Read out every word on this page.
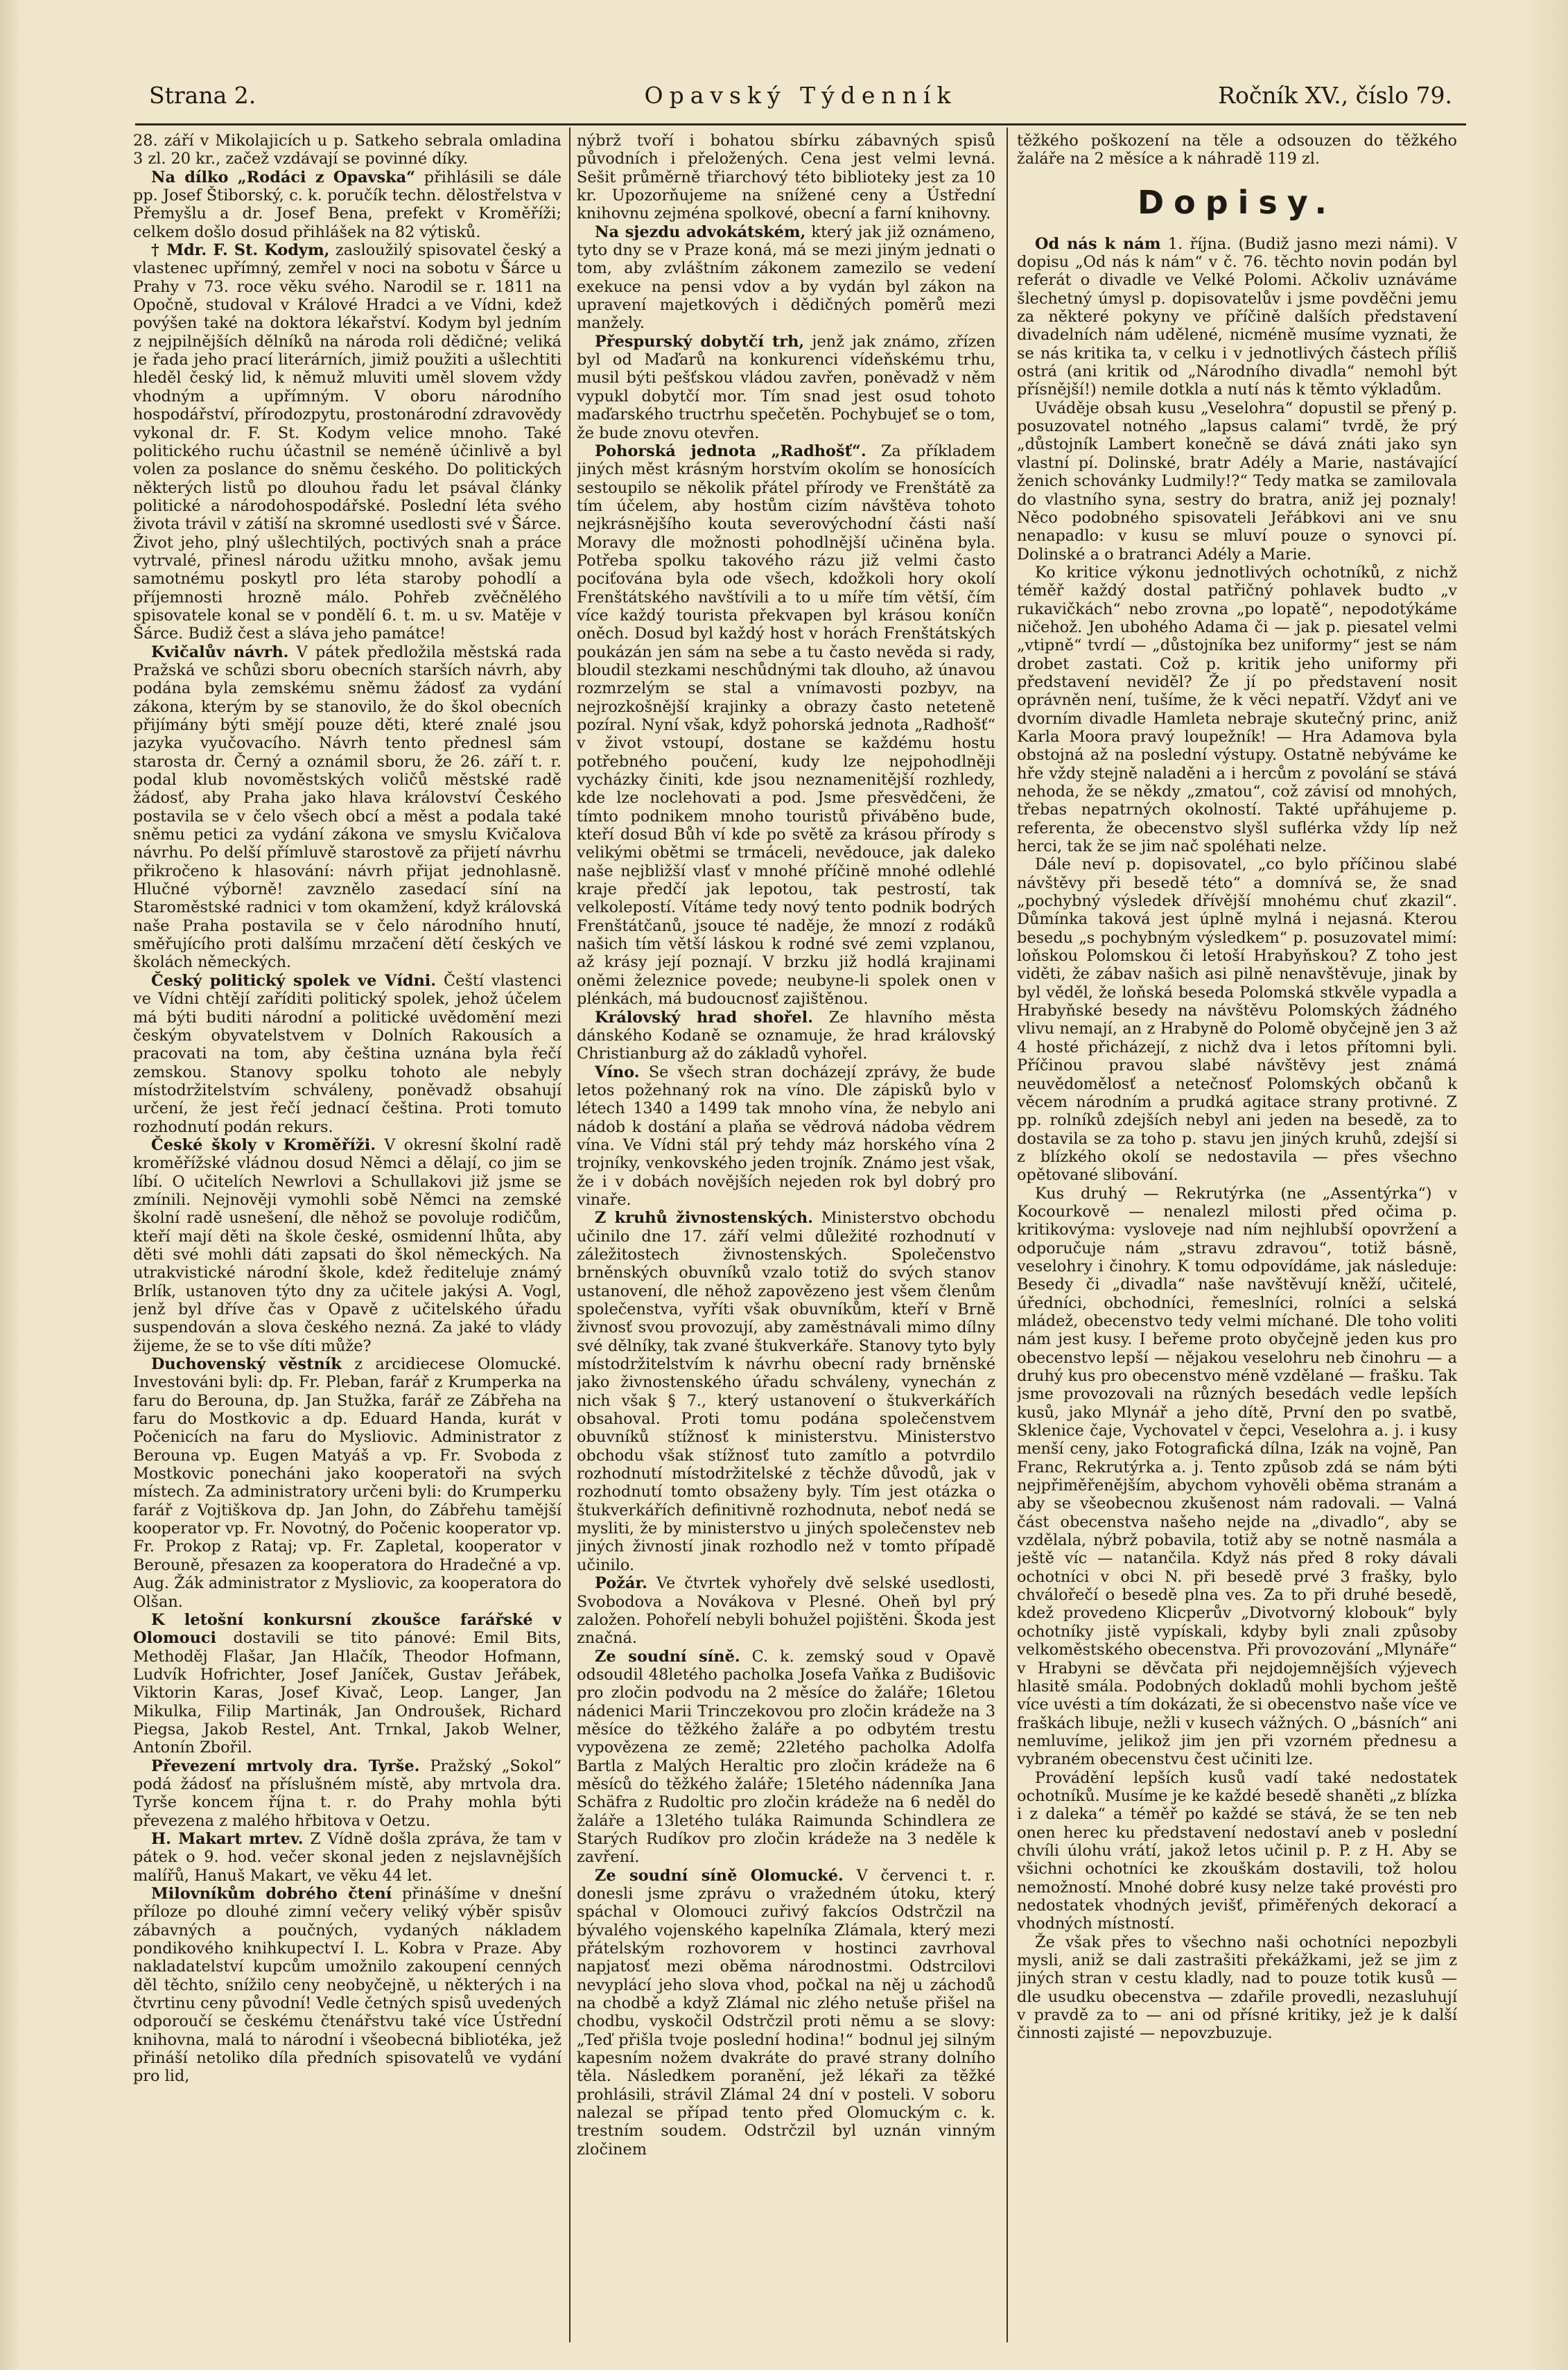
Strana 2.	Opavský Týdenník	Ročník XV., číslo 79.

28. září v Mikolajicích u p. Satkeho sebrala omladina 3 zl. 20 kr., začež vzdávají se povinné díky.

Na dílko „Rodáci z Opavska“ přihlásili se dále pp. Josef Štiborský, c. k. poručík techn. dělostřelstva v Přemyšlu a dr. Josef Bena, prefekt v Kroměříži; celkem došlo dosud přihlášek na 82 výtisků.

† Mdr. F. St. Kodym, zasloužilý spisovatel český a vlastenec upřímný, zemřel v noci na sobotu v Šárce u Prahy v 73. roce věku svého. Narodil se r. 1811 na Opočně, studoval v Králové Hradci a ve Vídni, kdež povýšen také na doktora lékařství. Kodym byl jedním z nejpilnějších dělníků na národa roli dědičné; veliká je řada jeho prací literárních, jimiž použiti a ušlechtiti hleděl český lid, k němuž mluviti uměl slovem vždy vhodným a upřímným. V oboru národního hospodářství, přírodozpytu, prostonárodní zdravovědy vykonal dr. F. St. Kodym velice mnoho. Také politického ruchu účastnil se neméně účinlivě a byl volen za poslance do sněmu českého. Do politických některých listů po dlouhou řadu let psával články politické a národohospodářské. Poslední léta svého života trávil v zátiší na skromné usedlosti své v Šárce. Život jeho, plný ušlechtilých, poctivých snah a práce vytrvalé, přinesl národu užitku mnoho, avšak jemu samotnému poskytl pro léta staroby pohodlí a příjemnosti hrozně málo. Pohřeb zvěčnělého spisovatele konal se v pondělí 6. t. m. u sv. Matěje v Šárce. Budiž čest a sláva jeho památce!

Kvičalův návrh. V pátek předložila městská rada Pražská ve schůzi sboru obecních starších návrh, aby podána byla zemskému sněmu žádosť za vydání zákona, kterým by se stanovilo, že do škol obecních přijímány býti smějí pouze děti, které znalé jsou jazyka vyučovacího. Návrh tento přednesl sám starosta dr. Černý a oznámil sboru, že 26. září t. r. podal klub novoměstských voličů městské radě žádosť, aby Praha jako hlava království Českého postavila se v čelo všech obcí a měst a podala také sněmu petici za vydání zákona ve smyslu Kvičalova návrhu. Po delší přímluvě starostově za přijetí návrhu přikročeno k hlasování: návrh přijat jednohlasně. Hlučné výborně! zavznělo zasedací síní na Staroměstské radnici v tom okamžení, když královská naše Praha postavila se v čelo národního hnutí, směřujícího proti dalšímu mrzačení dětí českých ve školách německých.

Český politický spolek ve Vídni. Čeští vlastenci ve Vídni chtějí zaříditi politický spolek, jehož účelem má býti buditi národní a politické uvědomění mezi českým obyvatelstvem v Dolních Rakousích a pracovati na tom, aby čeština uznána byla řečí zemskou. Stanovy spolku tohoto ale nebyly místodržitelstvím schváleny, poněvadž obsahují určení, že jest řečí jednací čeština. Proti tomuto rozhodnutí podán rekurs.

České školy v Kroměříži. V okresní školní radě kroměřížské vládnou dosud Němci a dělají, co jim se líbí. O učitelích Newrlovi a Schullakovi již jsme se zmínili. Nejnověji vymohli sobě Němci na zemské školní radě usnešení, dle něhož se povoluje rodičům, kteří mají děti na škole české, osmidenní lhůta, aby děti své mohli dáti zapsati do škol německých. Na utrakvistické národní škole, kdež řediteluje známý Brlík, ustanoven týto dny za učitele jakýsi A. Vogl, jenž byl dříve čas v Opavě z učitelského úřadu suspendován a slova českého nezná. Za jaké to vlády žijeme, že se to vše díti může?

Duchovenský věstník z arcidiecese Olomucké. Investováni byli: dp. Fr. Pleban, farář z Krumperka na faru do Berouna, dp. Jan Stužka, farář ze Zábřeha na faru do Mostkovic a dp. Eduard Handa, kurát v Počenicích na faru do Mysliovic. Administrator z Berouna vp. Eugen Matyáš a vp. Fr. Svoboda z Mostkovic ponecháni jako kooperatoři na svých místech. Za administratory určeni byli: do Krumperku farář z Vojtiškova dp. Jan John, do Zábřehu tamější kooperator vp. Fr. Novotný, do Počenic kooperator vp. Fr. Prokop z Rataj; vp. Fr. Zapletal, kooperator v Berouně, přesazen za kooperatora do Hradečné a vp. Aug. Žák administrator z Mysliovic, za kooperatora do Olšan.

K letošní konkursní zkoušce farářské v Olomouci dostavili se tito pánové: Emil Bits, Methoděj Flašar, Jan Hlačík, Theodor Hofmann, Ludvík Hofrichter, Josef Janíček, Gustav Jeřábek, Viktorin Karas, Josef Kivač, Leop. Langer, Jan Mikulka, Filip Martinák, Jan Ondroušek, Richard Piegsa, Jakob Restel, Ant. Trnkal, Jakob Welner, Antonín Zbořil.

Převezení mrtvoly dra. Tyrše. Pražský „Sokol“ podá žádosť na příslušném místě, aby mrtvola dra. Tyrše koncem října t. r. do Prahy mohla býti převezena z malého hřbitova v Oetzu.

H. Makart mrtev. Z Vídně došla zpráva, že tam v pátek o 9. hod. večer skonal jeden z nejslavnějších malířů, Hanuš Makart, ve věku 44 let.

Milovníkům dobrého čtení přinášíme v dnešní příloze po dlouhé zimní večery veliký výběr spisův zábavných a poučných, vydaných nákladem pondikového knihkupectví I. L. Kobra v Praze. Aby nakladatelství kupcům umožnilo zakoupení cenných děl těchto, snížilo ceny neobyčejně, u některých i na čtvrtinu ceny původní! Vedle četných spisů uvedených odporoučí se českému čtenářstvu také více Ústřední knihovna, malá to národní i všeobecná bibliotéka, jež přináší netoliko díla předních spisovatelů ve vydání pro lid,

nýbrž tvoří i bohatou sbírku zábavných spisů původních i přeložených. Cena jest velmi levná. Sešit průměrně třiarchový této biblioteky jest za 10 kr. Upozorňujeme na snížené ceny a Ústřední knihovnu zejména spolkové, obecní a farní knihovny.

Na sjezdu advokátském, který jak již oznámeno, tyto dny se v Praze koná, má se mezi jiným jednati o tom, aby zvláštním zákonem zamezilo se vedení exekuce na pensi vdov a by vydán byl zákon na upravení majetkových i dědičných poměrů mezi manžely.

Přespurský dobytčí trh, jenž jak známo, zřízen byl od Maďarů na konkurenci vídeňskému trhu, musil býti pešťskou vládou zavřen, poněvadž v něm vypukl dobytčí mor. Tím snad jest osud tohoto maďarského tructrhu spečetěn. Pochybujeť se o tom, že bude znovu otevřen.

Pohorská jednota „Radhošť“. Za příkladem jiných měst krásným horstvím okolím se honosících sestoupilo se několik přátel přírody ve Frenštátě za tím účelem, aby hostům cizím návštěva tohoto nejkrásnějšího kouta severovýchodní části naší Moravy dle možnosti pohodlnější učiněna byla. Potřeba spolku takového rázu již velmi často pociťována byla ode všech, kdožkoli hory okolí Frenštátského navštívili a to u míře tím větší, čím více každý tourista překvapen byl krásou koníčn oněch. Dosud byl každý host v horách Frenštátských poukázán jen sám na sebe a tu často nevěda si rady, bloudil stezkami neschůdnými tak dlouho, až únavou rozmrzelým se stal a vnímavosti pozbyv, na nejrozkošnější krajinky a obrazy často neteteně pozíral. Nyní však, když pohorská jednota „Radhošť“ v život vstoupí, dostane se každému hostu potřebného poučení, kudy lze nejpohodlněji vycházky činiti, kde jsou neznamenitější rozhledy, kde lze noclehovati a pod. Jsme přesvědčeni, že tímto podnikem mnoho touristů přiváběno bude, kteří dosud Bůh ví kde po světě za krásou přírody s velikými obětmi se trmáceli, nevědouce, jak daleko naše nejbližší vlasť v mnohé příčině mnohé odlehlé kraje předčí jak lepotou, tak pestrostí, tak velkolepostí. Vítáme tedy nový tento podnik bodrých Frenštátčanů, jsouce té naděje, že mnozí z rodáků našich tím větší láskou k rodné své zemi vzplanou, až krásy její poznají. V brzku již hodlá krajinami oněmi železnice povede; neubyne-li spolek onen v plénkách, má budoucnosť zajištěnou.

Královský hrad shořel. Ze hlavního města dánského Kodaně se oznamuje, že hrad královský Christianburg až do základů vyhořel.

Víno. Se všech stran docházejí zprávy, že bude letos požehnaný rok na víno. Dle zápisků bylo v létech 1340 a 1499 tak mnoho vína, že nebylo ani nádob k dostání a plaňa se vědrová nádoba vědrem vína. Ve Vídni stál prý tehdy máz horského vína 2 trojníky, venkovského jeden trojník. Známo jest však, že i v dobách novějších nejeden rok byl dobrý pro vinaře.

Z kruhů živnostenských. Ministerstvo obchodu učinilo dne 17. září velmi důležité rozhodnutí v záležitostech živnostenských. Společenstvo brněnských obuvníků vzalo totiž do svých stanov ustanovení, dle něhož zapovězeno jest všem členům společenstva, vyříti však obuvníkům, kteří v Brně živnosť svou provozují, aby zaměstnávali mimo dílny své dělníky, tak zvané štukverkáře. Stanovy tyto byly místodržitelstvím k návrhu obecní rady brněnské jako živnostenského úřadu schváleny, vynechán z nich však § 7., který ustanovení o štukverkářích obsahoval. Proti tomu podána společenstvem obuvníků stížnosť k ministerstvu. Ministerstvo obchodu však stížnosť tuto zamítlo a potvrdilo rozhodnutí místodržitelské z těchže důvodů, jak v rozhodnutí tomto obsaženy byly. Tím jest otázka o štukverkářích definitivně rozhodnuta, neboť nedá se mysliti, že by ministerstvo u jiných společenstev neb jiných živností jinak rozhodlo než v tomto případě učinilo.

Požár. Ve čtvrtek vyhořely dvě selské usedlosti, Svobodova a Novákova v Plesné. Oheň byl prý založen. Pohořelí nebyli bohužel pojištěni. Škoda jest značná.

Ze soudní síně. C. k. zemský soud v Opavě odsoudil 48letého pacholka Josefa Vaňka z Budišovic pro zločin podvodu na 2 měsíce do žaláře; 16letou nádenici Marii Trinczekovou pro zločin krádeže na 3 měsíce do těžkého žaláře a po odbytém trestu vypovězena ze země; 22letého pacholka Adolfa Bartla z Malých Heraltic pro zločin krádeže na 6 měsíců do těžkého žaláře; 15letého nádenníka Jana Schäfra z Rudoltic pro zločin krádeže na 6 neděl do žaláře a 13letého tuláka Raimunda Schindlera ze Starých Rudíkov pro zločin krádeže na 3 neděle k zavření.

Ze soudní síně Olomucké. V červenci t. r. donesli jsme zprávu o vražedném útoku, který spáchal v Olomouci zuřivý fakcíos Odstrčzil na bývalého vojenského kapelníka Zlámala, který mezi přátelským rozhovorem v hostinci zavrhoval napjatosť mezi oběma národnostmi. Odstrcilovi nevyplácí jeho slova vhod, počkal na něj u záchodů na chodbě a když Zlámal nic zlého netuše přišel na chodbu, vyskočil Odstrčzil proti němu a se slovy: „Teď přišla tvoje poslední hodina!“ bodnul jej silným kapesním nožem dvakráte do pravé strany dolního těla. Následkem poranění, jež lékaři za těžké prohlásili, strávil Zlámal 24 dní v posteli. V soboru nalezal se případ tento před Olomuckým c. k. trestním soudem. Odstrčzil byl uznán vinným zločinem

těžkého poškození na těle a odsouzen do těžkého žaláře na 2 měsíce a k náhradě 119 zl.

Dopisy.

Od nás k nám 1. října. (Budiž jasno mezi námi). V dopisu „Od nás k nám“ v č. 76. těchto novin podán byl referát o divadle ve Velké Polomi. Ačkoliv uznáváme šlechetný úmysl p. dopisovatelův i jsme povděčni jemu za některé pokyny ve příčině dalších představení divadelních nám udělené, nicméně musíme vyznati, že se nás kritika ta, v celku i v jednotlivých částech příliš ostrá (ani kritik od „Národního divadla“ nemohl být přísnější!) nemile dotkla a nutí nás k těmto výkladům.

Uváděje obsah kusu „Veselohra“ dopustil se přený p. posuzovatel notného „lapsus calami“ tvrdě, že prý „důstojník Lambert konečně se dává znáti jako syn vlastní pí. Dolinské, bratr Adély a Marie, nastávající ženich schovánky Ludmily!?“ Tedy matka se zamilovala do vlastního syna, sestry do bratra, aniž jej poznaly! Něco podobného spisovateli Jeřábkovi ani ve snu nenapadlo: v kusu se mluví pouze o synovci pí. Dolinské a o bratranci Adély a Marie.

Ko kritice výkonu jednotlivých ochotníků, z nichž téměř každý dostal patřičný pohlavek budto „v rukavičkách“ nebo zrovna „po lopatě“, nepodotýkáme ničehož. Jen ubohého Adama či — jak p. piesatel velmi „vtipně“ tvrdí — „důstojníka bez uniformy“ jest se nám drobet zastati. Což p. kritik jeho uniformy při představení neviděl? Že jí po představení nosit oprávněn není, tušíme, že k věci nepatří. Vždyť ani ve dvorním divadle Hamleta nebraje skutečný princ, aniž Karla Moora pravý loupežník! — Hra Adamova byla obstojná až na poslední výstupy. Ostatně nebýváme ke hře vždy stejně naladěni a i hercům z povolání se stává nehoda, že se někdy „zmatou“, což závisí od mnohých, třebas nepatrných okolností. Takté upřáhujeme p. referenta, že obecenstvo slyšl suflérka vždy líp než herci, tak že se jim nač spoléhati nelze.

Dále neví p. dopisovatel, „co bylo příčinou slabé návštěvy při besedě této“ a domnívá se, že snad „pochybný výsledek dřívější mnohému chuť zkazil“. Důmínka taková jest úplně mylná i nejasná. Kterou besedu „s pochybným výsledkem“ p. posuzovatel mimí: loňskou Polomskou či letoší Hrabyňskou? Z toho jest viděti, že zábav našich asi pilně nenavštěvuje, jinak by byl věděl, že loňská beseda Polomská stkvěle vypadla a Hrabyňské besedy na návštěvu Polomských žádného vlivu nemají, an z Hrabyně do Polomě obyčejně jen 3 až 4 hosté přicházejí, z nichž dva i letos přítomni byli. Příčinou pravou slabé návštěvy jest známá neuvědomělosť a netečnosť Polomských občanů k věcem národním a prudká agitace strany protivné. Z pp. rolníků zdejších nebyl ani jeden na besedě, za to dostavila se za toho p. stavu jen jiných kruhů, zdejší si z blízkého okolí se nedostavila — přes všechno opětované slibování.

Kus druhý — Rekrutýrka (ne „Assentýrka“) v Kocourkově — nenalezl milosti před očima p. kritikovýma: vysloveje nad ním nejhlubší opovržení a odporučuje nám „stravu zdravou“, totiž básně, veselohry i činohry. K tomu odpovídáme, jak následuje: Besedy či „divadla“ naše navštěvují kněží, učitelé, úředníci, obchodníci, řemeslníci, rolníci a selská mládež, obecenstvo tedy velmi míchané. Dle toho voliti nám jest kusy. I beřeme proto obyčejně jeden kus pro obecenstvo lepší — nějakou veselohru neb činohru — a druhý kus pro obecenstvo méně vzdělané — frašku. Tak jsme provozovali na různých besedách vedle lepších kusů, jako Mlynář a jeho dítě, První den po svatbě, Sklenice čaje, Vychovatel v čepci, Veselohra a. j. i kusy menší ceny, jako Fotografická dílna, Izák na vojně, Pan Franc, Rekrutýrka a. j. Tento způsob zdá se nám býti nejpřiměřenějším, abychom vyhověli oběma stranám a aby se všeobecnou zkušenost nám radovali. — Valná část obecenstva našeho nejde na „divadlo“, aby se vzdělala, nýbrž pobavila, totiž aby se notně nasmála a ještě víc — natančila. Když nás před 8 roky dávali ochotníci v obci N. při besedě prvé 3 frašky, bylo chválořečí o besedě plna ves. Za to při druhé besedě, kdež provedeno Klicperův „Divotvorný klobouk“ byly ochotníky jistě vypískali, kdyby byli znali způsoby velkoměstského obecenstva. Při provozování „Mlynáře“ v Hrabyni se děvčata při nejdojemnějších výjevech hlasitě smála. Podobných dokladů mohli bychom ještě více uvésti a tím dokázati, že si obecenstvo naše více ve fraškách libuje, nežli v kusech vážných. O „básních“ ani nemluvíme, jelikož jim jen při vzorném přednesu a vybraném obecenstvu čest učiniti lze.

Provádění lepších kusů vadí také nedostatek ochotníků. Musíme je ke každé besedě shaněti „z blízka i z daleka“ a téměř po každé se stává, že se ten neb onen herec ku představení nedostaví aneb v poslední chvíli úlohu vrátí, jakož letos učinil p. P. z H. Aby se všichni ochotníci ke zkouškám dostavili, tož holou nemožností. Mnohé dobré kusy nelze také provésti pro nedostatek vhodných jevišť, přiměřených dekorací a vhodných místností.

Že však přes to všechno naši ochotníci nepozbyli mysli, aniž se dali zastrašiti překážkami, jež se jim z jiných stran v cestu kladly, nad to pouze totik kusů — dle usudku obecenstva — zdařile provedli, nezasluhují v pravdě za to — ani od přísné kritiky, jež je k další činnosti zajisté — nepovzbuzuje.
